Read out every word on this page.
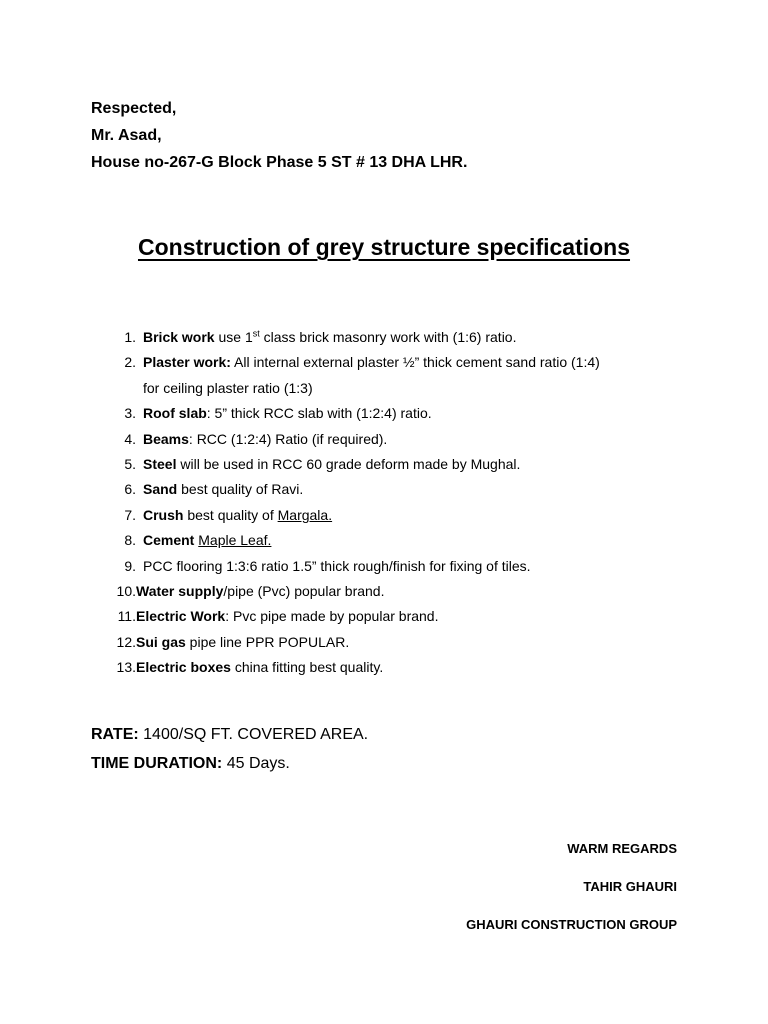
Respected,
Mr. Asad,
House no-267-G Block Phase 5 ST # 13 DHA LHR.
Construction of grey structure specifications
1. Brick work use 1st class brick masonry work with (1:6) ratio.
2. Plaster work: All internal external plaster ½” thick cement sand ratio (1:4)
for ceiling plaster ratio (1:3)
3. Roof slab: 5” thick RCC slab with (1:2:4) ratio.
4. Beams: RCC (1:2:4) Ratio (if required).
5. Steel will be used in RCC 60 grade deform made by Mughal.
6. Sand best quality of Ravi.
7. Crush best quality of Margala.
8. Cement Maple Leaf.
9. PCC flooring 1:3:6 ratio 1.5” thick rough/finish for fixing of tiles.
10. Water supply/pipe (Pvc) popular brand.
11. Electric Work: Pvc pipe made by popular brand.
12. Sui gas pipe line PPR POPULAR.
13. Electric boxes china fitting best quality.
RATE: 1400/SQ FT. COVERED AREA.
TIME DURATION: 45 Days.
WARM REGARDS
TAHIR GHAURI
GHAURI CONSTRUCTION GROUP
